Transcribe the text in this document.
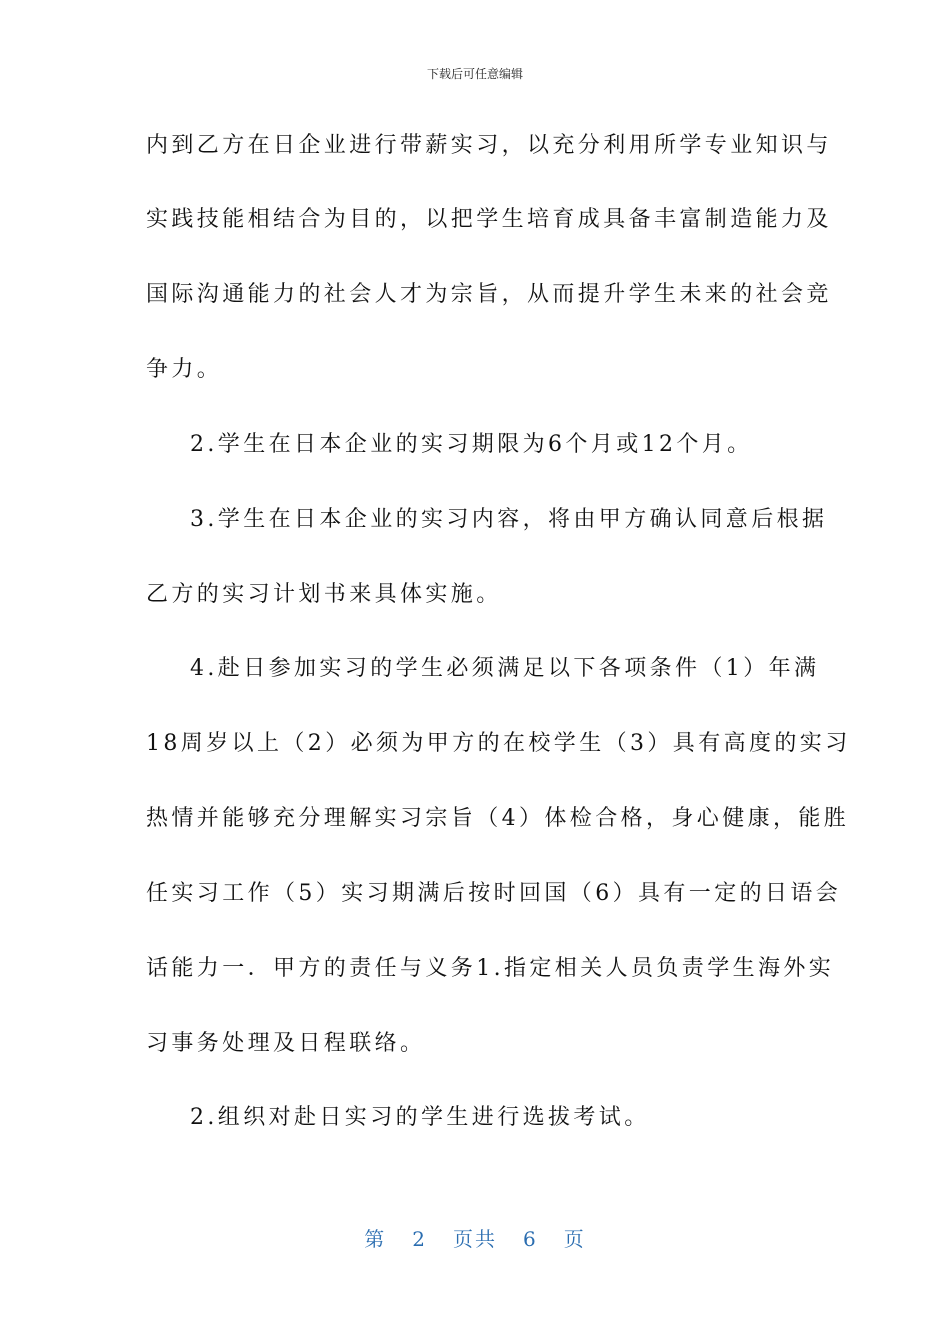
下载后可任意编辑
内到乙方在日企业进行带薪实习，以充分利用所学专业知识与
实践技能相结合为目的，以把学生培育成具备丰富制造能力及
国际沟通能力的社会人才为宗旨，从而提升学生未来的社会竞
争力。
2.学生在日本企业的实习期限为6个月或12个月。
3.学生在日本企业的实习内容，将由甲方确认同意后根据
乙方的实习计划书来具体实施。
4.赴日参加实习的学生必须满足以下各项条件（1）年满
18周岁以上（2）必须为甲方的在校学生（3）具有高度的实习
热情并能够充分理解实习宗旨（4）体检合格，身心健康，能胜
任实习工作（5）实习期满后按时回国（6）具有一定的日语会
话能力一．甲方的责任与义务1.指定相关人员负责学生海外实
习事务处理及日程联络。
2.组织对赴日实习的学生进行选拔考试。
第 2 页共 6 页
